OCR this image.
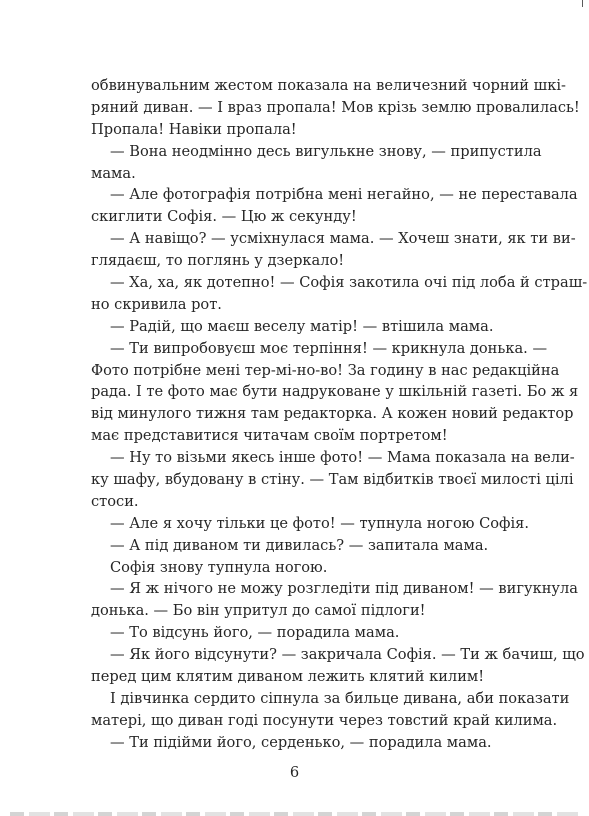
обвинувальним жестом показала на величезний чорний шкі-
ряний диван. — І враз пропала! Мов крізь землю провалилась!
Пропала! Навіки пропала!
— Вона неодмінно десь вигулькне знову, — припустила
мама.
— Але фотографія потрібна мені негайно, — не переставала
скиглити Софія. — Цю ж секунду!
— А навіщо? — усміхнулася мама. — Хочеш знати, як ти ви-
глядаєш, то поглянь у дзеркало!
— Ха, ха, як дотепно! — Софія закотила очі під лоба й страш-
но скривила рот.
— Радій, що маєш веселу матір! — втішила мама.
— Ти випробовуєш моє терпіння! — крикнула донька. —
Фото потрібне мені тер-мі-но-во! За годину в нас редакційна
рада. І те фото має бути надруковане у шкільній газеті. Бо ж я
від минулого тижня там редакторка. А кожен новий редактор
має представитися читачам своїм портретом!
— Ну то візьми якесь інше фото! — Мама показала на вели-
ку шафу, вбудовану в стіну. — Там відбитків твоєї милості цілі
стоси.
— Але я хочу тільки це фото! — тупнула ногою Софія.
— А під диваном ти дивилась? — запитала мама.
Софія знову тупнула ногою.
— Я ж нічого не можу розгледіти під диваном! — вигукнула
донька. — Бо він упритул до самої підлоги!
— То відсунь його, — порадила мама.
— Як його відсунути? — закричала Софія. — Ти ж бачиш, що
перед цим клятим диваном лежить клятий килим!
І дівчинка сердито сіпнула за бильце дивана, аби показати
матері, що диван годі посунути через товстий край килима.
— Ти підійми його, серденько, — порадила мама.
6
